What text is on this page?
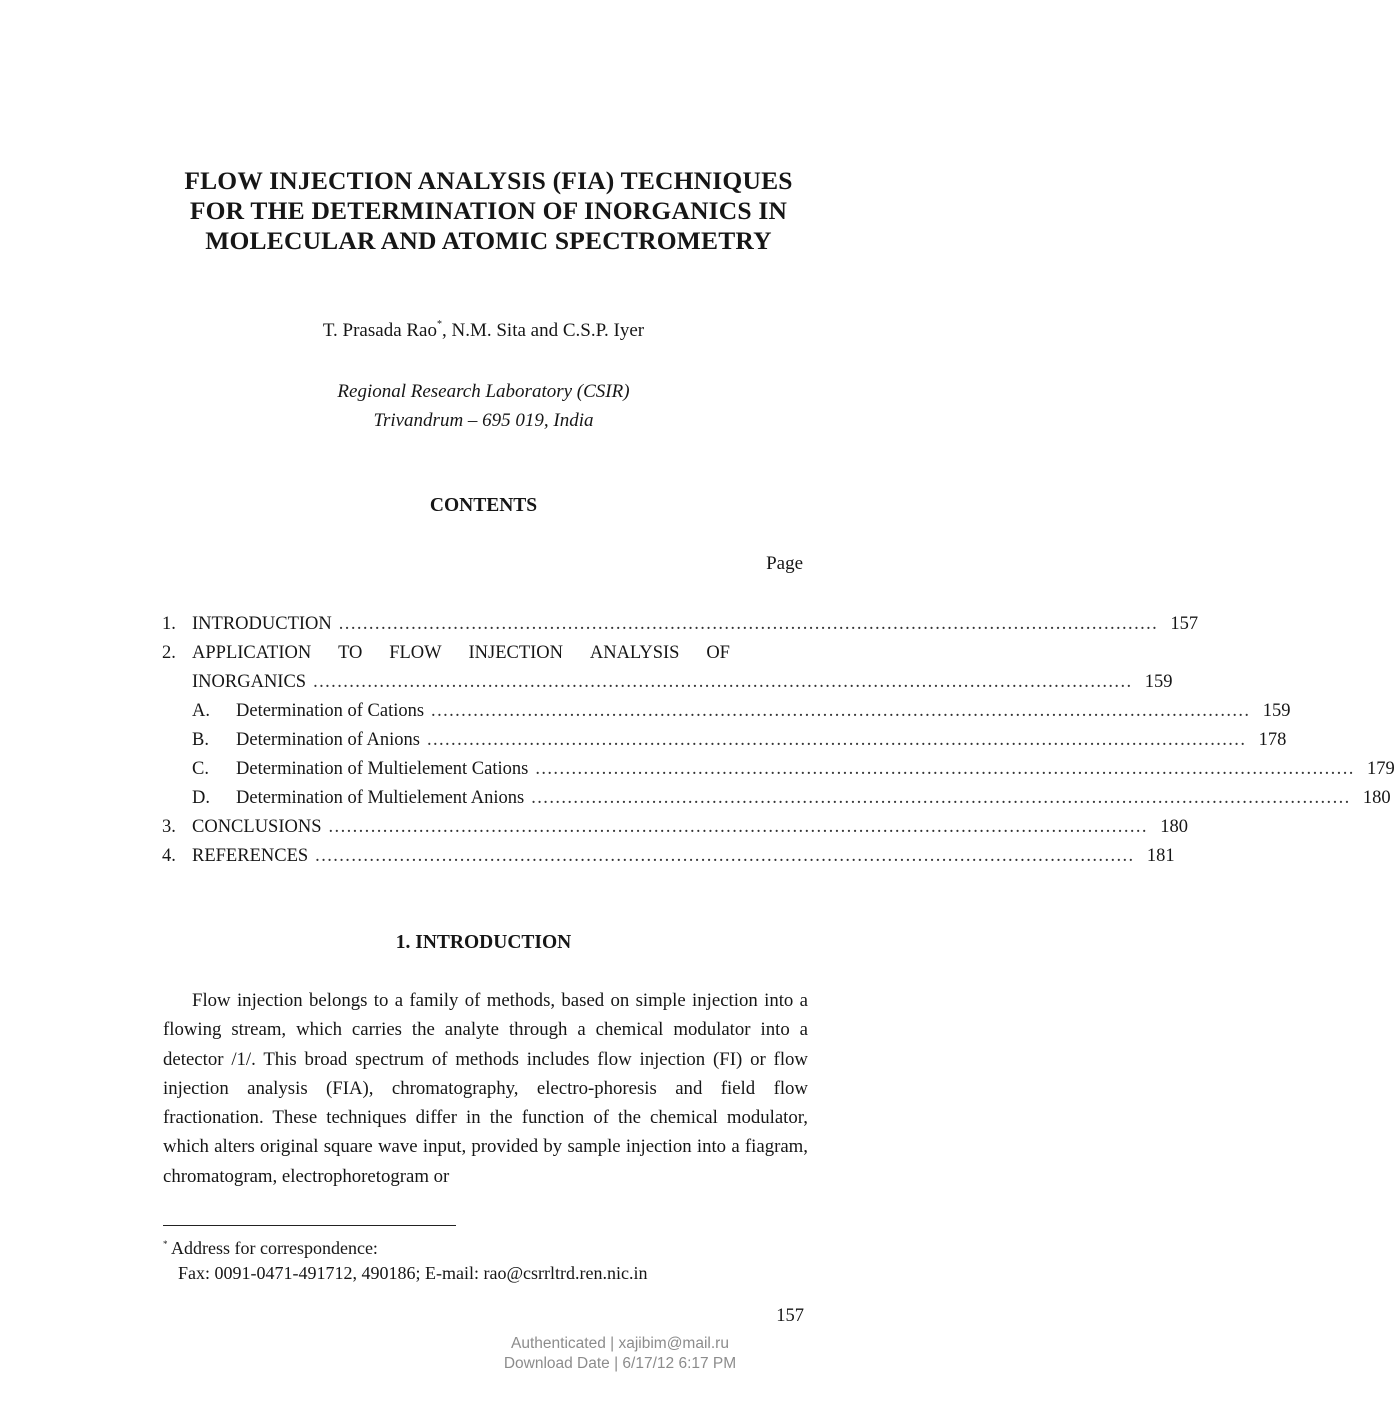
FLOW INJECTION ANALYSIS (FIA) TECHNIQUES
FOR THE DETERMINATION OF INORGANICS IN
MOLECULAR AND ATOMIC SPECTROMETRY
T. Prasada Rao*, N.M. Sita and C.S.P. Iyer
Regional Research Laboratory (CSIR)
Trivandrum – 695 019, India
CONTENTS
Page
1. INTRODUCTION ........................................................................................................................................ 157
2. APPLICATION TO FLOW INJECTION ANALYSIS OF
INORGANICS ........................................................................................................................................ 159
A.	Determination of Cations ........................................................................................................................................ 159
B.	Determination of Anions ........................................................................................................................................ 178
C.	Determination of Multielement Cations ........................................................................................................................................ 179
D.	Determination of Multielement Anions ........................................................................................................................................ 180
3. CONCLUSIONS ........................................................................................................................................ 180
4. REFERENCES ........................................................................................................................................ 181
1. INTRODUCTION
Flow injection belongs to a family of methods, based on simple injection into a flowing stream, which carries the analyte through a chemical modulator into a detector /1/. This broad spectrum of methods includes flow injection (FI) or flow injection analysis (FIA), chromatography, electro-phoresis and field flow fractionation. These techniques differ in the function of the chemical modulator, which alters original square wave input, provided by sample injection into a fiagram, chromatogram, electrophoretogram or
* Address for correspondence:
Fax: 0091-0471-491712, 490186; E-mail: rao@csrrltrd.ren.nic.in
157
Authenticated | xajibim@mail.ru
Download Date | 6/17/12 6:17 PM
